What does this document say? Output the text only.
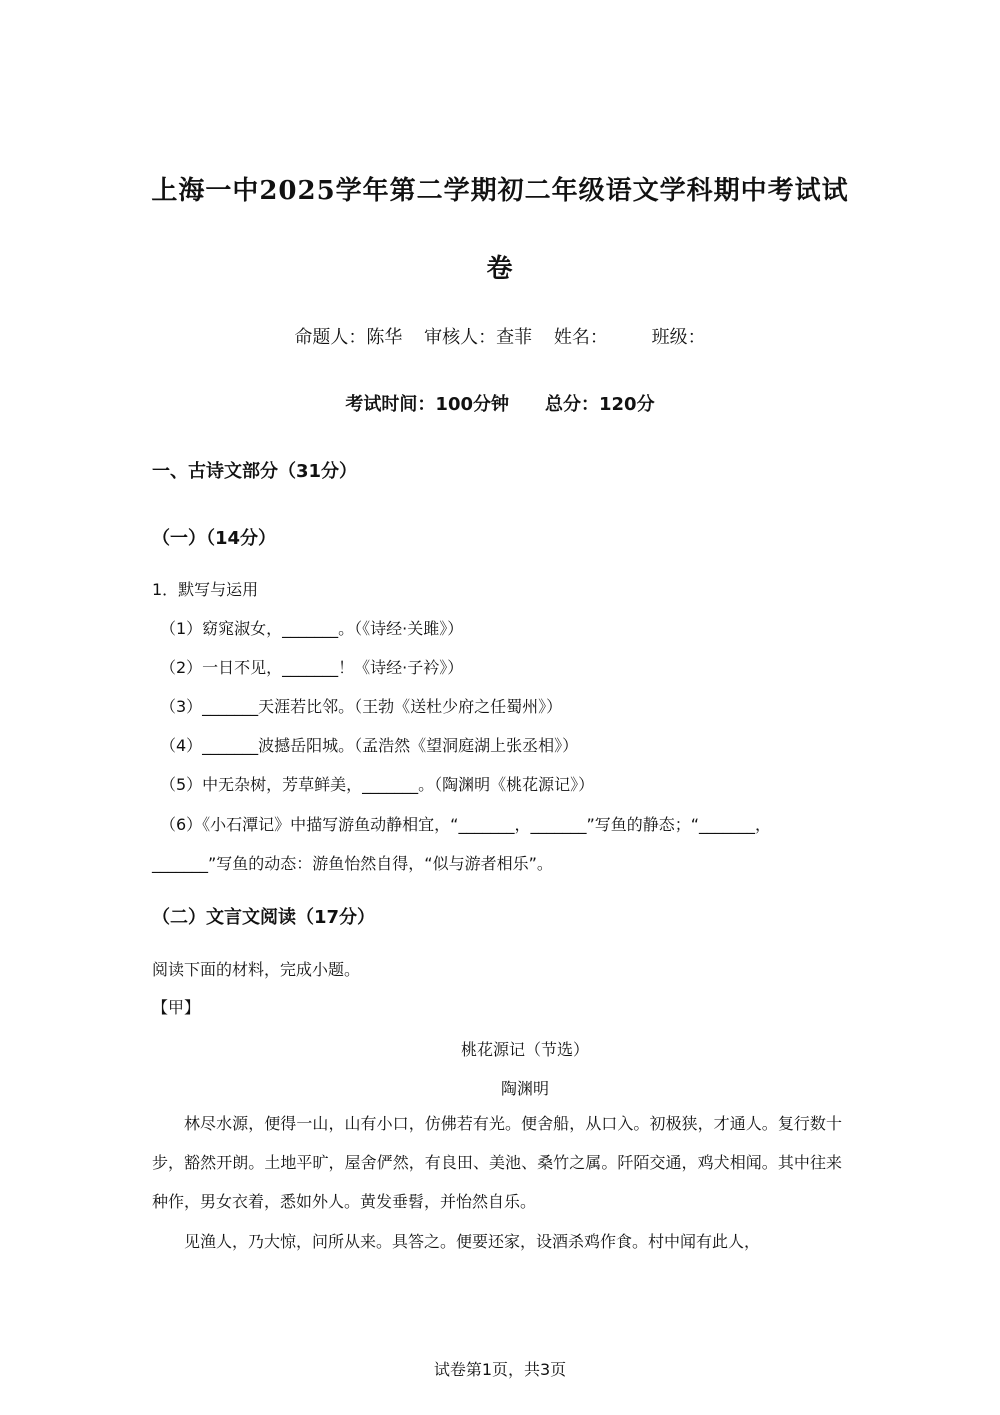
上海一中2025学年第二学期初二年级语文学科期中考试试
卷
命题人：陈华 审核人：查菲 姓名： 班级：
考试时间：100分钟　　总分：120分
一、古诗文部分（31分）
（一）（14分）
1．默写与运用
（1）窈窕淑女，_______。（《诗经·关雎》）
（2）一日不见，_______！《诗经·子衿》）
（3）_______天涯若比邻。（王勃《送杜少府之任蜀州》）
（4）_______波撼岳阳城。（孟浩然《望洞庭湖上张丞相》）
（5）中无杂树，芳草鲜美，_______。（陶渊明《桃花源记》）
（6）《小石潭记》中描写游鱼动静相宜，“_______，_______”写鱼的静态；“_______，
_______”写鱼的动态：游鱼怡然自得，“似与游者相乐”。
（二）文言文阅读（17分）
阅读下面的材料，完成小题。
【甲】
桃花源记（节选）
陶渊明
林尽水源，便得一山，山有小口，仿佛若有光。便舍船，从口入。初极狭，才通人。复行数十步，豁然开朗。土地平旷，屋舍俨然，有良田、美池、桑竹之属。阡陌交通，鸡犬相闻。其中往来种作，男女衣着，悉如外人。黄发垂髫，并怡然自乐。
见渔人，乃大惊，问所从来。具答之。便要还家，设酒杀鸡作食。村中闻有此人，
试卷第1页，共3页
